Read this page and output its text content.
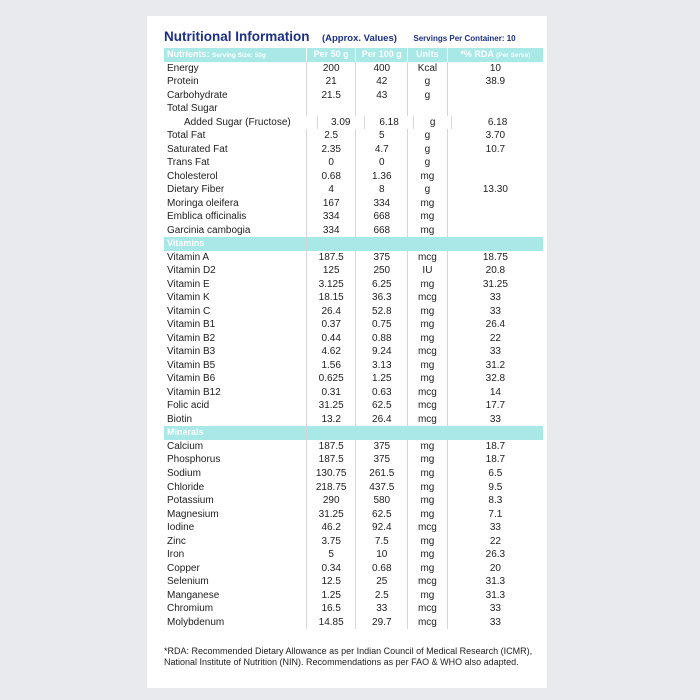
Nutritional Information (Approx. Values) Servings Per Container: 10
Nutrients: Serving Size: 50g	Per 50 g	Per 100 g	Units	*% RDA (Per Serve)
Energy	200	400	Kcal	10
Protein	21	42	g	38.9
Carbohydrate	21.5	43	g
Total Sugar
Added Sugar (Fructose)	3.09	6.18	g	6.18
Total Fat	2.5	5	g	3.70
Saturated Fat	2.35	4.7	g	10.7
Trans Fat	0	0	g
Cholesterol	0.68	1.36	mg
Dietary Fiber	4	8	g	13.30
Moringa oleifera	167	334	mg
Emblica officinalis	334	668	mg
Garcinia cambogia	334	668	mg
Vitamins
Vitamin A	187.5	375	mcg	18.75
Vitamin D2	125	250	IU	20.8
Vitamin E	3.125	6.25	mg	31.25
Vitamin K	18.15	36.3	mcg	33
Vitamin C	26.4	52.8	mg	33
Vitamin B1	0.37	0.75	mg	26.4
Vitamin B2	0.44	0.88	mg	22
Vitamin B3	4.62	9.24	mcg	33
Vitamin B5	1.56	3.13	mg	31.2
Vitamin B6	0.625	1.25	mg	32.8
Vitamin B12	0.31	0.63	mcg	14
Folic acid	31.25	62.5	mcg	17.7
Biotin	13.2	26.4	mcg	33
Minerals
Calcium	187.5	375	mg	18.7
Phosphorus	187.5	375	mg	18.7
Sodium	130.75	261.5	mg	6.5
Chloride	218.75	437.5	mg	9.5
Potassium	290	580	mg	8.3
Magnesium	31.25	62.5	mg	7.1
Iodine	46.2	92.4	mcg	33
Zinc	3.75	7.5	mg	22
Iron	5	10	mg	26.3
Copper	0.34	0.68	mg	20
Selenium	12.5	25	mcg	31.3
Manganese	1.25	2.5	mg	31.3
Chromium	16.5	33	mcg	33
Molybdenum	14.85	29.7	mcg	33
*RDA: Recommended Dietary Allowance as per Indian Council of Medical Research (ICMR), National Institute of Nutrition (NIN). Recommendations as per FAO & WHO also adapted.
